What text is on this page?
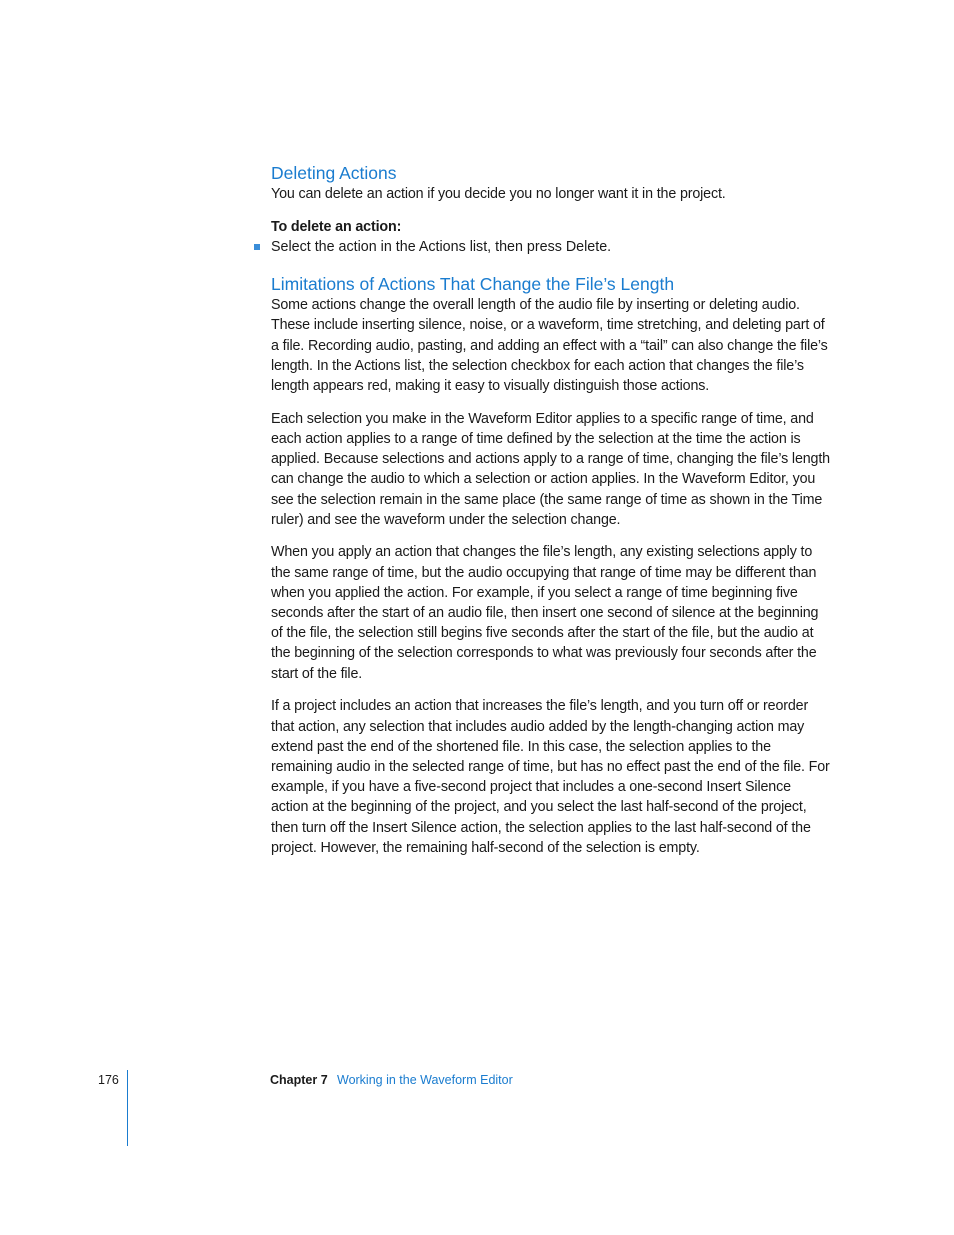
Deleting Actions

You can delete an action if you decide you no longer want it in the project.

To delete an action:

Select the action in the Actions list, then press Delete.
Limitations of Actions That Change the File’s Length

Some actions change the overall length of the audio file by inserting or deleting audio. These include inserting silence, noise, or a waveform, time stretching, and deleting part of a file. Recording audio, pasting, and adding an effect with a “tail” can also change the file’s length. In the Actions list, the selection checkbox for each action that changes the file’s length appears red, making it easy to visually distinguish those actions.

Each selection you make in the Waveform Editor applies to a specific range of time, and each action applies to a range of time defined by the selection at the time the action is applied. Because selections and actions apply to a range of time, changing the file’s length can change the audio to which a selection or action applies. In the Waveform Editor, you see the selection remain in the same place (the same range of time as shown in the Time ruler) and see the waveform under the selection change.

When you apply an action that changes the file’s length, any existing selections apply to the same range of time, but the audio occupying that range of time may be different than when you applied the action. For example, if you select a range of time beginning five seconds after the start of an audio file, then insert one second of silence at the beginning of the file, the selection still begins five seconds after the start of the file, but the audio at the beginning of the selection corresponds to what was previously four seconds after the start of the file.

If a project includes an action that increases the file’s length, and you turn off or reorder that action, any selection that includes audio added by the length-changing action may extend past the end of the shortened file. In this case, the selection applies to the remaining audio in the selected range of time, but has no effect past the end of the file. For example, if you have a five-second project that includes a one-second Insert Silence action at the beginning of the project, and you select the last half-second of the project, then turn off the Insert Silence action, the selection applies to the last half-second of the project. However, the remaining half-second of the selection is empty.

176	Chapter 7 Working in the Waveform Editor
